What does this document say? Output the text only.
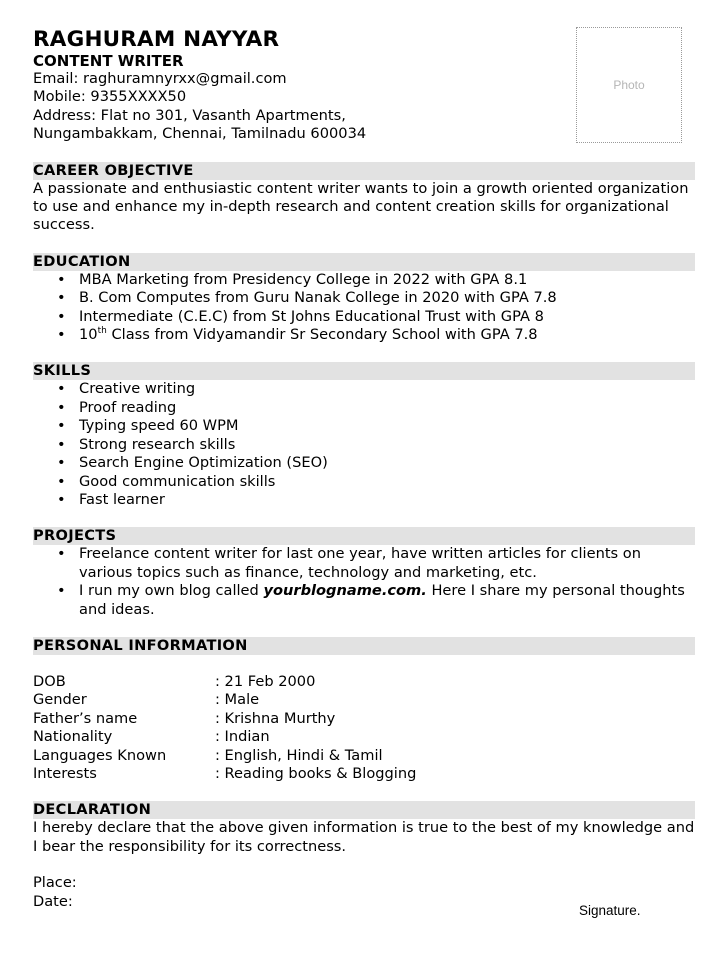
Photo
RAGHURAM NAYYAR
CONTENT WRITER
Email: raghuramnyrxx@gmail.com
Mobile: 9355XXXX50
Address: Flat no 301, Vasanth Apartments,
Nungambakkam, Chennai, Tamilnadu 600034
CAREER OBJECTIVE
A passionate and enthusiastic content writer wants to join a growth oriented organization to use and enhance my in-depth research and content creation skills for organizational success.
EDUCATION
• MBA Marketing from Presidency College in 2022 with GPA 8.1
• B. Com Computes from Guru Nanak College in 2020 with GPA 7.8
• Intermediate (C.E.C) from St Johns Educational Trust with GPA 8
• 10th Class from Vidyamandir Sr Secondary School with GPA 7.8
SKILLS
• Creative writing
• Proof reading
• Typing speed 60 WPM
• Strong research skills
• Search Engine Optimization (SEO)
• Good communication skills
• Fast learner
PROJECTS
• Freelance content writer for last one year, have written articles for clients on various topics such as finance, technology and marketing, etc.
• I run my own blog called yourblogname.com. Here I share my personal thoughts and ideas.
PERSONAL INFORMATION
DOB	: 21 Feb 2000
Gender	: Male
Father’s name	: Krishna Murthy
Nationality	: Indian
Languages Known	: English, Hindi & Tamil
Interests	: Reading books & Blogging
DECLARATION
I hereby declare that the above given information is true to the best of my knowledge and I bear the responsibility for its correctness.
Place:
Date:
Signature.
